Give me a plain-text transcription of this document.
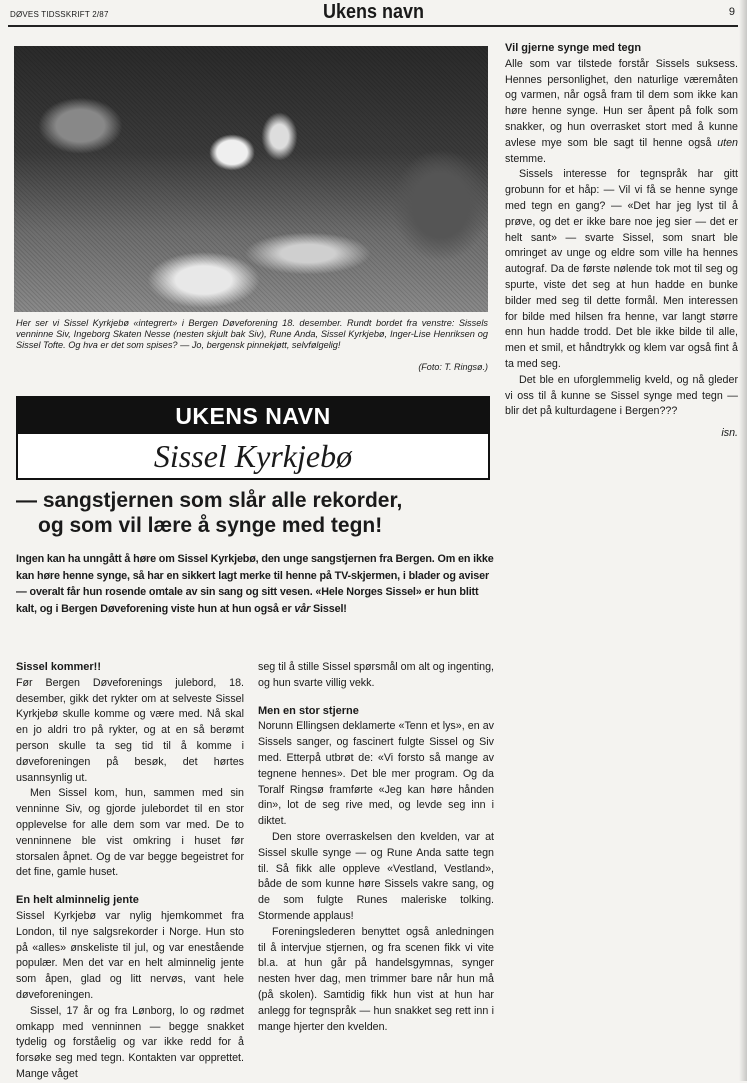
DØVES TIDSSKRIFT 2/87	Ukens navn	9
Her ser vi Sissel Kyrkjebø «integrert» i Bergen Døveforening 18. desember. Rundt bordet fra venstre: Sissels venninne Siv, Ingeborg Skaten Nesse (nesten skjult bak Siv), Rune Anda, Sissel Kyrkjebø, Inger-Lise Henriksen og Sissel Tofte. Og hva er det som spises? — Jo, bergensk pinnekjøtt, selvfølgelig!
(Foto: T. Ringsø.)
UKENS NAVN
Sissel Kyrkjebø
— sangstjernen som slår alle rekorder,
og som vil lære å synge med tegn!
Ingen kan ha unngått å høre om Sissel Kyrkjebø, den unge sangstjernen fra Bergen. Om en ikke kan høre henne synge, så har en sikkert lagt merke til henne på TV-skjermen, i blader og aviser — overalt får hun rosende omtale av sin sang og sitt vesen. «Hele Norges Sissel» er hun blitt kalt, og i Bergen Døveforening viste hun at hun også er vår Sissel!
Sissel kommer!!

Før Bergen Døveforenings julebord, 18. desember, gikk det rykter om at selveste Sissel Kyrkjebø skulle komme og være med. Nå skal en jo aldri tro på rykter, og at en så berømt person skulle ta seg tid til å komme i døveforeningen på besøk, det hørtes usannsynlig ut.

Men Sissel kom, hun, sammen med sin venninne Siv, og gjorde julebordet til en stor opplevelse for alle dem som var med. De to venninnene ble vist omkring i huset før storsalen åpnet. Og de var begge begeistret for det fine, gamle huset.

En helt alminnelig jente

Sissel Kyrkjebø var nylig hjemkommet fra London, til nye salgsrekorder i Norge. Hun sto på «alles» ønskeliste til jul, og var enestående populær. Men det var en helt alminnelig jente som åpen, glad og litt nervøs, vant hele døveforeningen.

Sissel, 17 år og fra Lønborg, lo og rødmet omkapp med venninnen — begge snakket tydelig og forståelig og var ikke redd for å forsøke seg med tegn. Kontakten var opprettet. Mange våget

seg til å stille Sissel spørsmål om alt og ingenting, og hun svarte villig vekk.

Men en stor stjerne

Norunn Ellingsen deklamerte «Tenn et lys», en av Sissels sanger, og fascinert fulgte Sissel og Siv med. Etterpå utbrøt de: «Vi forsto så mange av tegnene hennes». Det ble mer program. Og da Toralf Ringsø framførte «Jeg kan høre hånden din», lot de seg rive med, og levde seg inn i diktet.

Den store overraskelsen den kvelden, var at Sissel skulle synge — og Rune Anda satte tegn til. Så fikk alle oppleve «Vestland, Vestland», både de som kunne høre Sissels vakre sang, og de som fulgte Runes maleriske tolking. Stormende applaus!

Foreningslederen benyttet også anledningen til å intervjue stjernen, og fra scenen fikk vi vite bl.a. at hun går på handelsgymnas, synger nesten hver dag, men trimmer bare når hun må (på skolen). Samtidig fikk hun vist at hun har anlegg for tegnspråk — hun snakket seg rett inn i mange hjerter den kvelden.

Vil gjerne synge med tegn

Alle som var tilstede forstår Sissels suksess. Hennes personlighet, den naturlige væremåten og varmen, når også fram til dem som ikke kan høre henne synge. Hun ser åpent på folk som snakker, og hun overrasket stort med å kunne avlese mye som ble sagt til henne også uten stemme.

Sissels interesse for tegnspråk har gitt grobunn for et håp: — Vil vi få se henne synge med tegn en gang? — «Det har jeg lyst til å prøve, og det er ikke bare noe jeg sier — det er helt sant» — svarte Sissel, som snart ble omringet av unge og eldre som ville ha hennes autograf. Da de første nølende tok mot til seg og spurte, viste det seg at hun hadde en bunke bilder med seg til dette formål. Men interessen for bilde med hilsen fra henne, var langt større enn hun hadde trodd. Det ble ikke bilde til alle, men et smil, et håndtrykk og klem var også fint å ta med seg.

Det ble en uforglemmelig kveld, og nå gleder vi oss til å kunne se Sissel synge med tegn — blir det på kulturdagene i Bergen???

isn.
